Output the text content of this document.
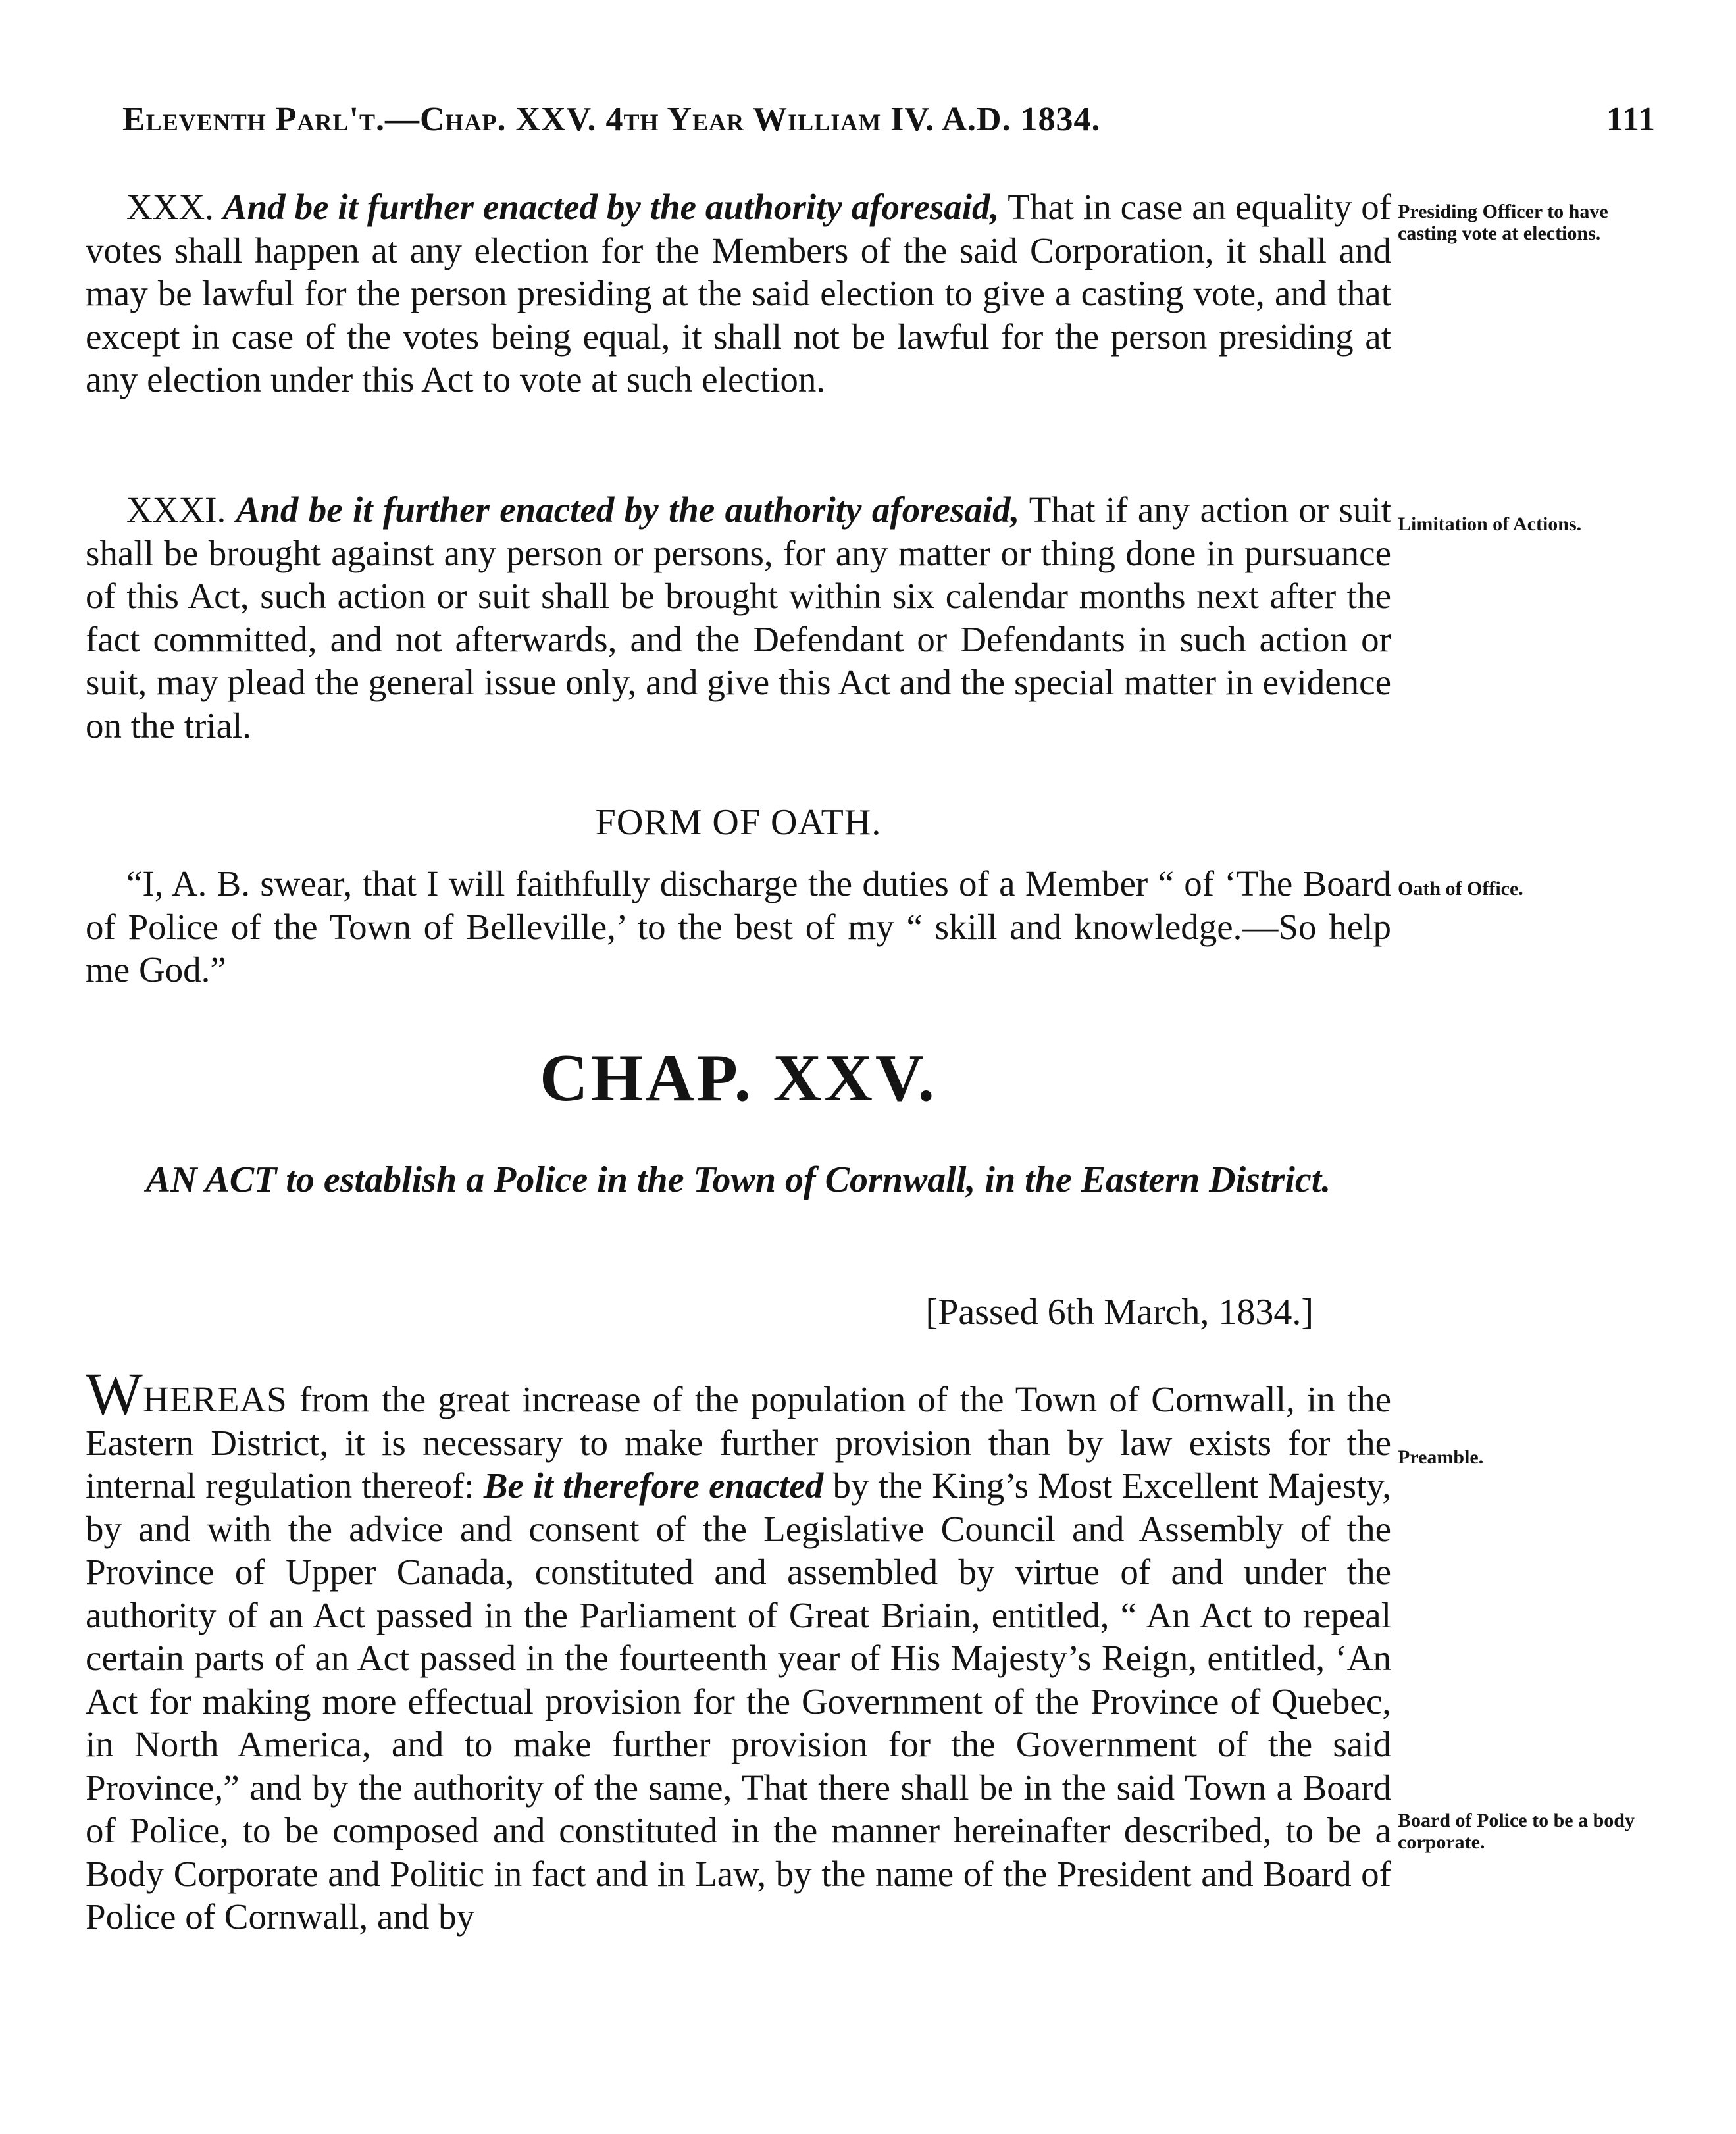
Eleventh Parl't.—Chap. XXV. 4th Year William IV. A.D. 1834.	111
XXX. And be it further enacted by the authority aforesaid, That in case an equality of votes shall happen at any election for the Members of the said Corporation, it shall and may be lawful for the person presiding at the said election to give a casting vote, and that except in case of the votes being equal, it shall not be lawful for the person presiding at any election under this Act to vote at such election.
Presiding Officer to have casting vote at elections.
XXXI. And be it further enacted by the authority aforesaid, That if any action or suit shall be brought against any person or persons, for any matter or thing done in pursuance of this Act, such action or suit shall be brought within six calendar months next after the fact committed, and not afterwards, and the Defendant or Defendants in such action or suit, may plead the general issue only, and give this Act and the special matter in evidence on the trial.
Limitation of Actions.
FORM OF OATH.
“I, A. B. swear, that I will faithfully discharge the duties of a Member “ of ‘The Board of Police of the Town of Belleville,’ to the best of my “ skill and knowledge.—So help me God.”
Oath of Office.
CHAP. XXV.
AN ACT to establish a Police in the Town of Cornwall, in the Eastern District.
[Passed 6th March, 1834.]
WHEREAS from the great increase of the population of the Town of Cornwall, in the Eastern District, it is necessary to make further provision than by law exists for the internal regulation thereof: Be it therefore enacted by the King’s Most Excellent Majesty, by and with the advice and consent of the Legislative Council and Assembly of the Province of Upper Canada, constituted and assembled by virtue of and under the authority of an Act passed in the Parliament of Great Briain, entitled, “ An Act to repeal certain parts of an Act passed in the fourteenth year of His Majesty’s Reign, entitled, ‘An Act for making more effectual provision for the Government of the Province of Quebec, in North America, and to make further provision for the Government of the said Province,” and by the authority of the same, That there shall be in the said Town a Board of Police, to be composed and constituted in the manner hereinafter described, to be a Body Corporate and Politic in fact and in Law, by the name of the President and Board of Police of Cornwall, and by
Preamble.
Board of Police to be a body corporate.
